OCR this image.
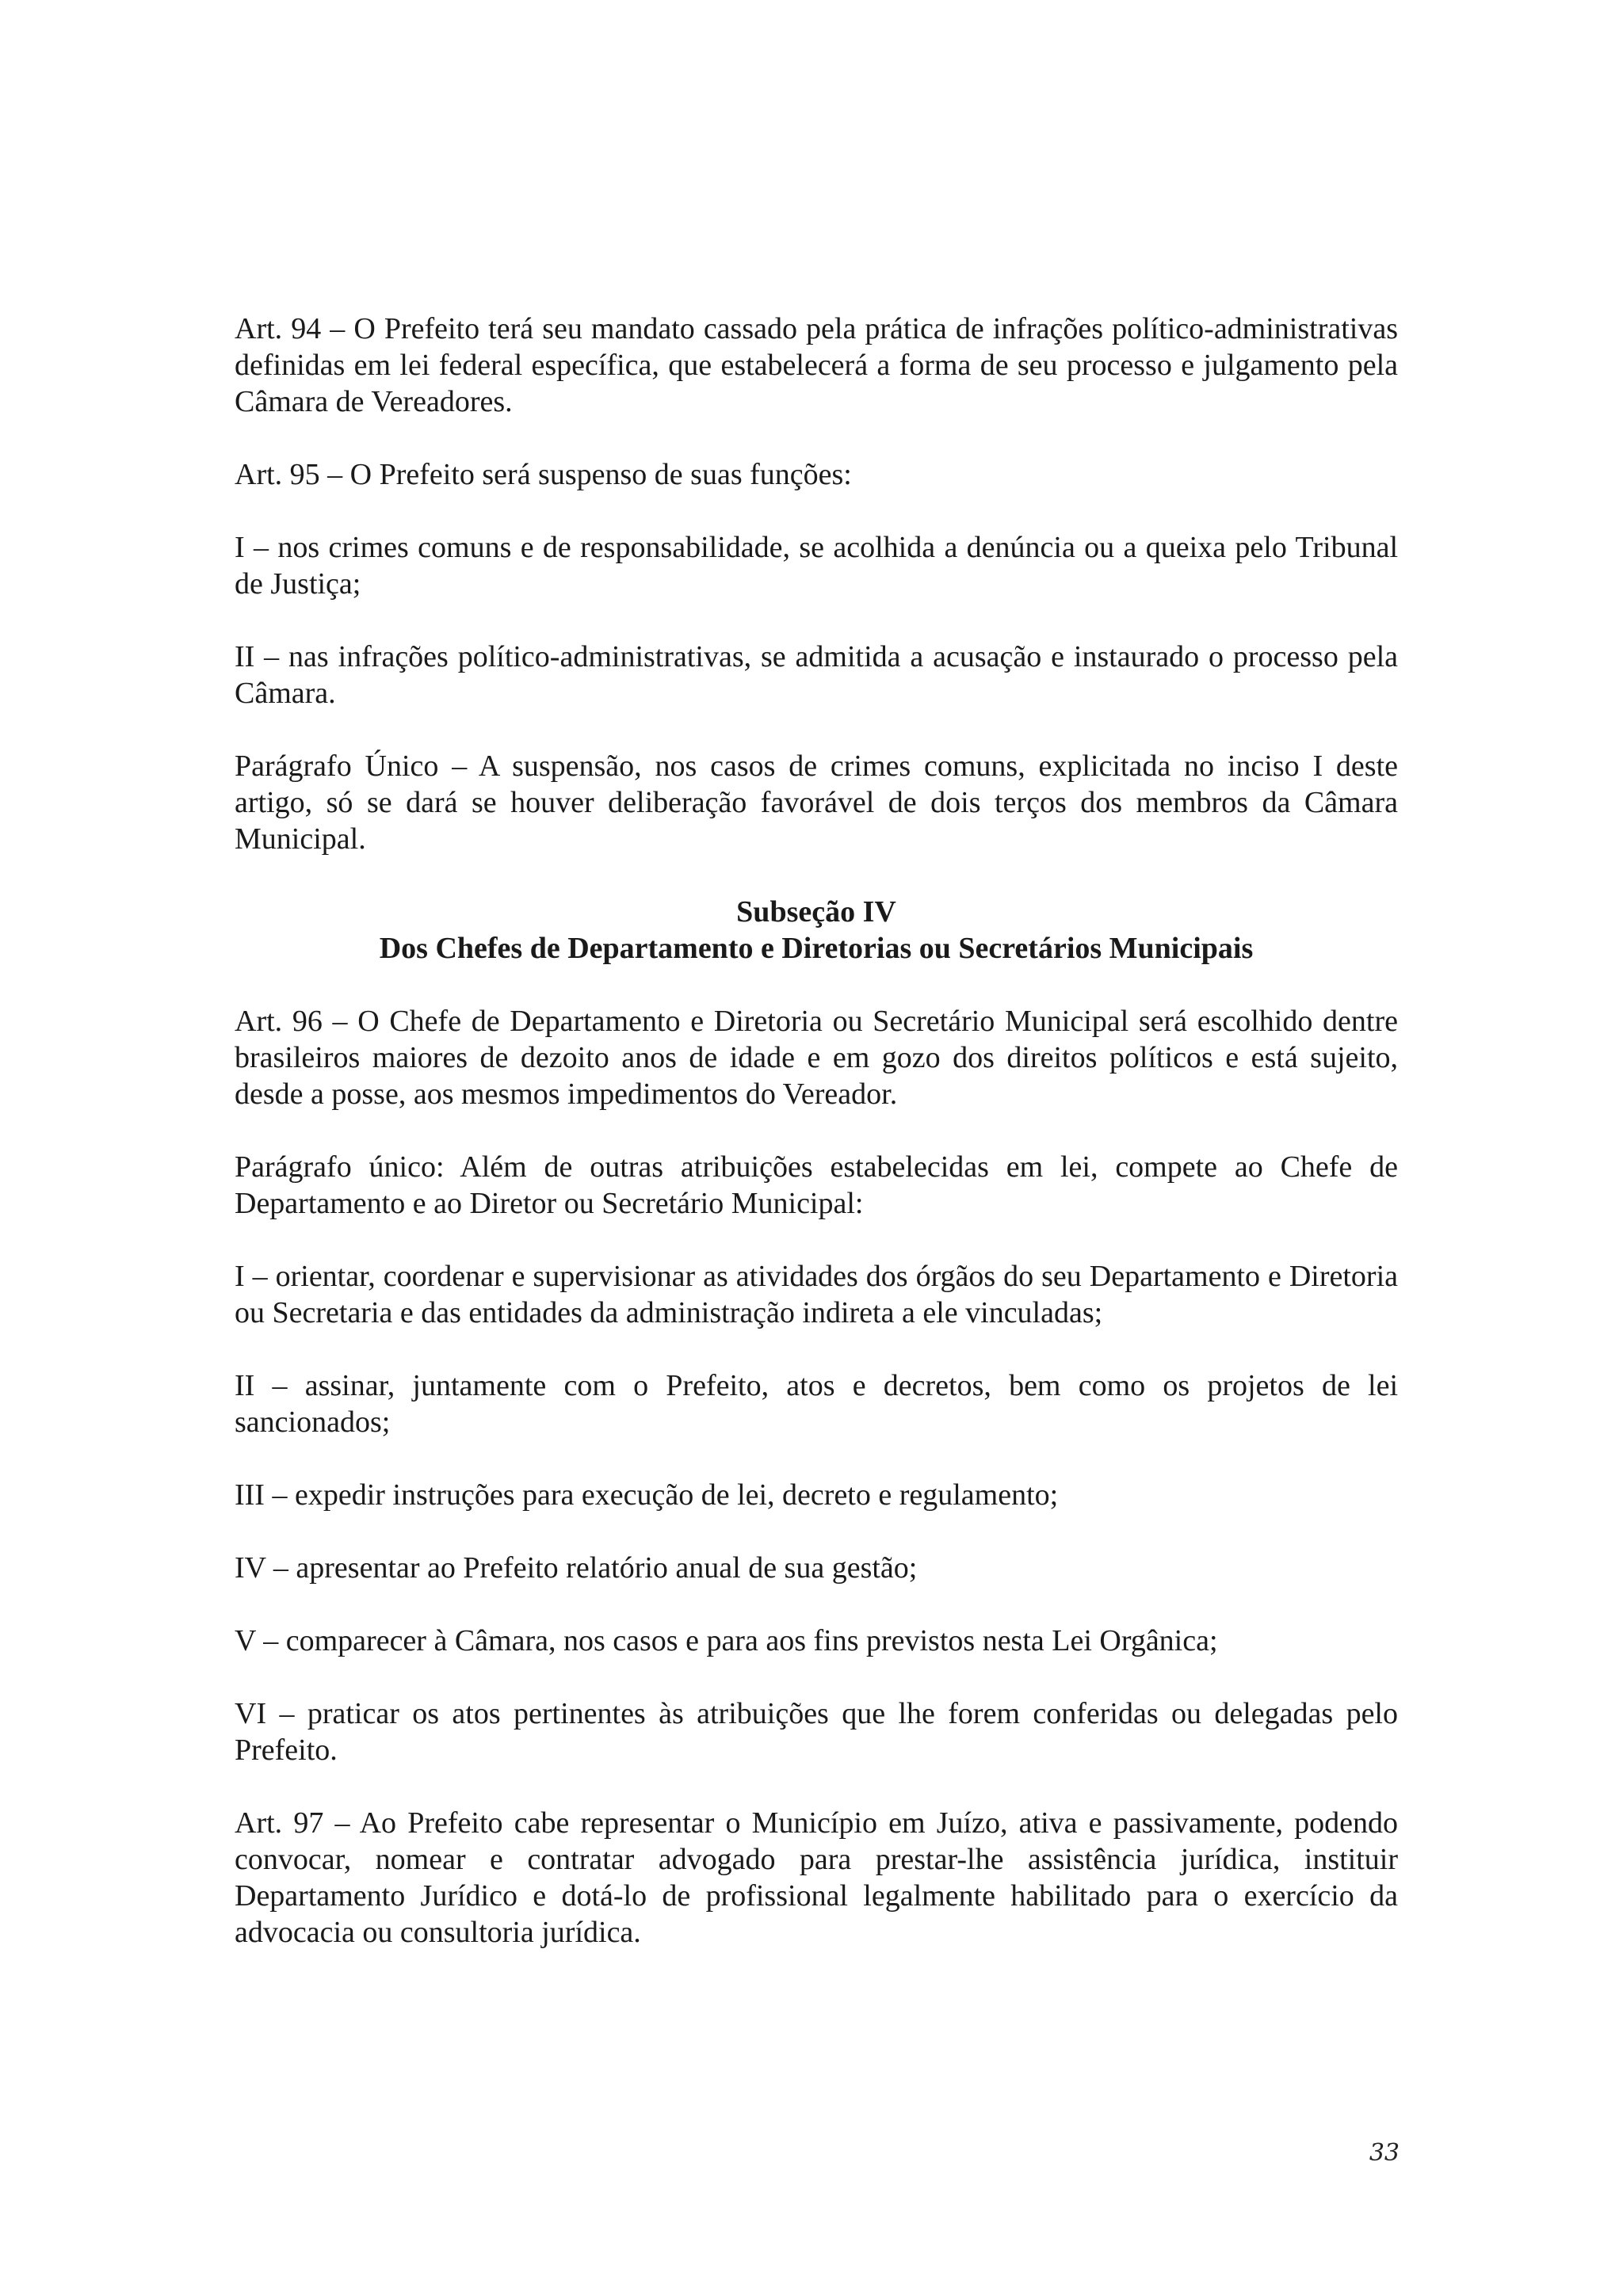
Art. 94 – O Prefeito terá seu mandato cassado pela prática de infrações político-administrativas definidas em lei federal específica, que estabelecerá a forma de seu processo e julgamento pela Câmara de Vereadores.

Art. 95 – O Prefeito será suspenso de suas funções:

I – nos crimes comuns e de responsabilidade, se acolhida a denúncia ou a queixa pelo Tribunal de Justiça;

II – nas infrações político-administrativas, se admitida a acusação e instaurado o processo pela Câmara.

Parágrafo Único – A suspensão, nos casos de crimes comuns, explicitada no inciso I deste artigo, só se dará se houver deliberação favorável de dois terços dos membros da Câmara Municipal.

Subseção IV
Dos Chefes de Departamento e Diretorias ou Secretários Municipais

Art. 96 – O Chefe de Departamento e Diretoria ou Secretário Municipal será escolhido dentre brasileiros maiores de dezoito anos de idade e em gozo dos direitos políticos e está sujeito, desde a posse, aos mesmos impedimentos do Vereador.

Parágrafo único: Além de outras atribuições estabelecidas em lei, compete ao Chefe de Departamento e ao Diretor ou Secretário Municipal:

I – orientar, coordenar e supervisionar as atividades dos órgãos do seu Departamento e Diretoria ou Secretaria e das entidades da administração indireta a ele vinculadas;

II – assinar, juntamente com o Prefeito, atos e decretos, bem como os projetos de lei sancionados;

III – expedir instruções para execução de lei, decreto e regulamento;

IV – apresentar ao Prefeito relatório anual de sua gestão;

V – comparecer à Câmara, nos casos e para aos fins previstos nesta Lei Orgânica;

VI – praticar os atos pertinentes às atribuições que lhe forem conferidas ou delegadas pelo Prefeito.

Art. 97 – Ao Prefeito cabe representar o Município em Juízo, ativa e passivamente, podendo convocar, nomear e contratar advogado para prestar-lhe assistência jurídica, instituir Departamento Jurídico e dotá-lo de profissional legalmente habilitado para o exercício da advocacia ou consultoria jurídica.

33
